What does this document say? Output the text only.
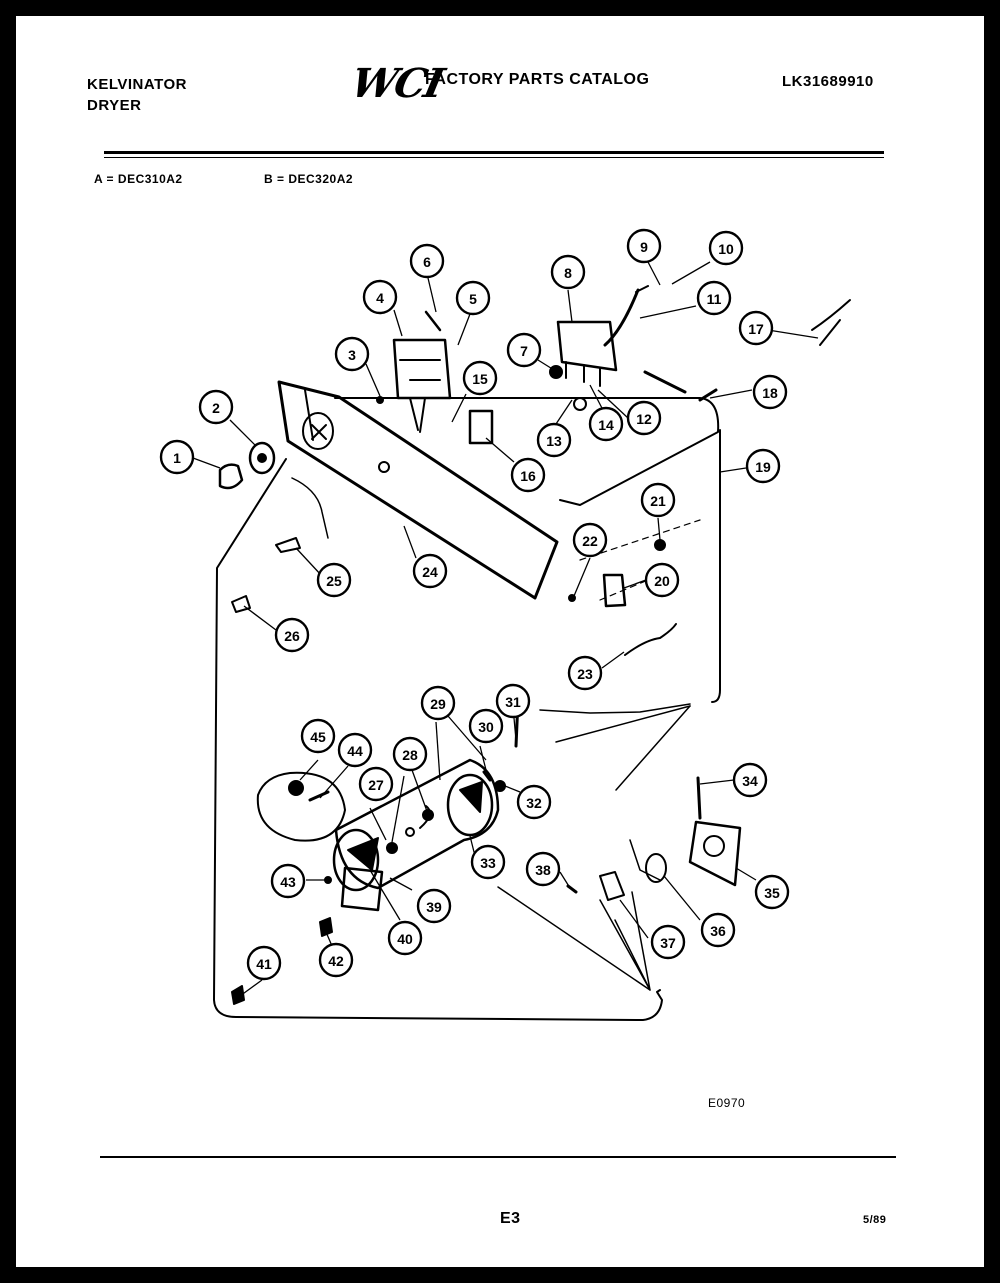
KELVINATOR
DRYER	WCI
FACTORY PARTS CATALOG	LK31689910
A = DEC310A2	B = DEC320A2
1
2
3
4	5
6
7
8
9	10
11
12
13
14
15
16
17
18
19
20
21
22
23
24
25
26
27
28
29
30
31
32
33
34
35
36
37
38
39
40
41	42
43
44
45
E0970
E3	5/89
